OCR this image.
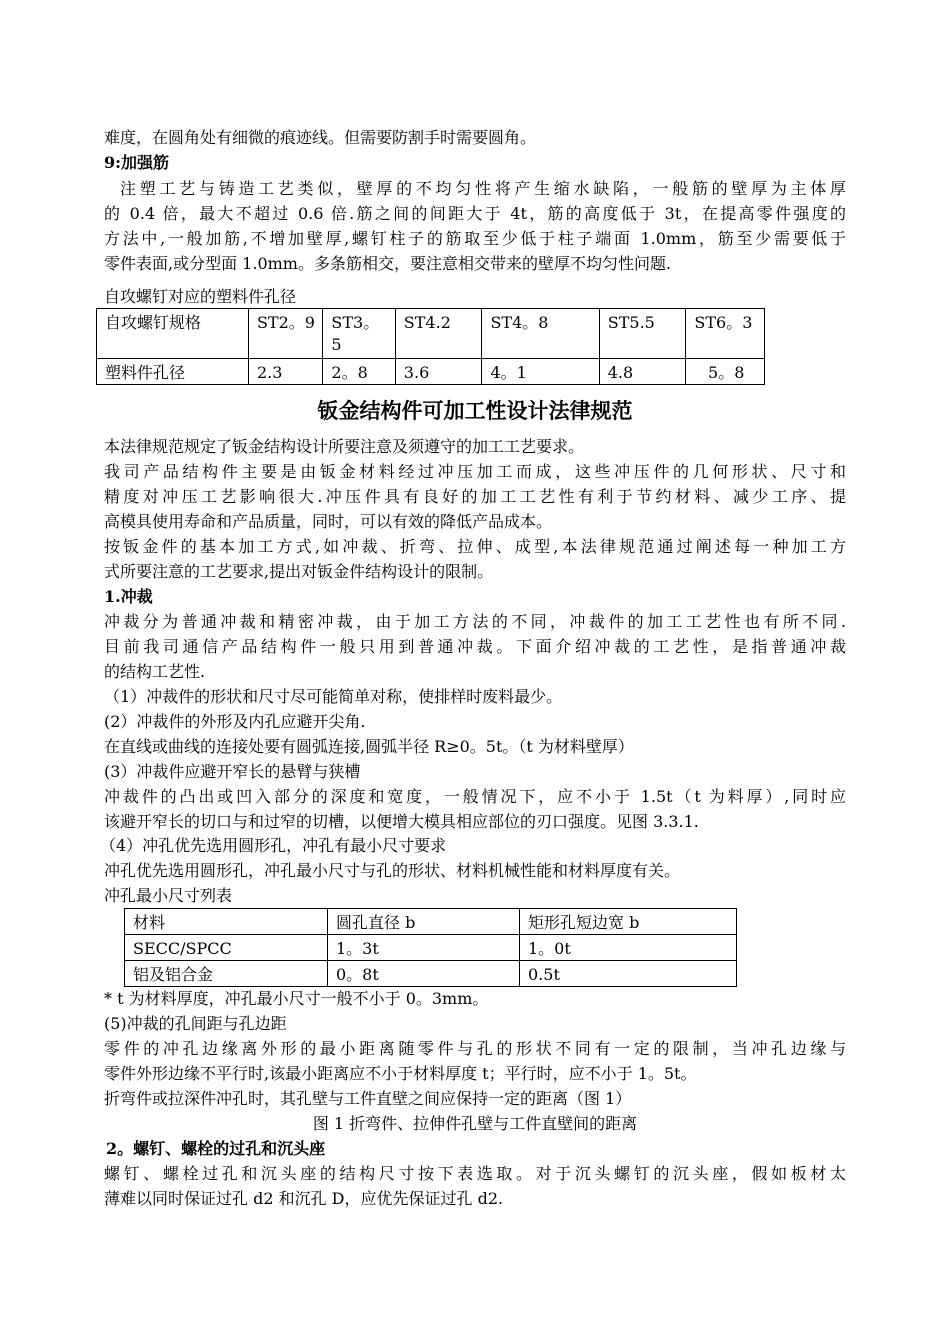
难度，在圆角处有细微的痕迹线。但需要防割手时需要圆角。
9:加强筋
注塑工艺与铸造工艺类似，壁厚的不均匀性将产生缩水缺陷，一般筋的壁厚为主体厚
的 0.4 倍，最大不超过 0.6 倍.筋之间的间距大于 4t，筋的高度低于 3t，在提高零件强度的
方法中,一般加筋,不增加壁厚,螺钉柱子的筋取至少低于柱子端面 1.0mm，筋至少需要低于
零件表面,或分型面 1.0mm。多条筋相交，要注意相交带来的壁厚不均匀性问题.
自攻螺钉对应的塑料件孔径
自攻螺钉规格	ST2。9	ST3。5	ST4.2	ST4。8	ST5.5	ST6。3
塑料件孔径	2.3	2。8	3.6	4。1	4.8	5。8
钣金结构件可加工性设计法律规范
本法律规范规定了钣金结构设计所要注意及须遵守的加工工艺要求。
我司产品结构件主要是由钣金材料经过冲压加工而成，这些冲压件的几何形状、尺寸和
精度对冲压工艺影响很大.冲压件具有良好的加工工艺性有利于节约材料、减少工序、提
高模具使用寿命和产品质量，同时，可以有效的降低产品成本。
按钣金件的基本加工方式,如冲裁、折弯、拉伸、成型,本法律规范通过阐述每一种加工方
式所要注意的工艺要求,提出对钣金件结构设计的限制。
1.冲裁
冲裁分为普通冲裁和精密冲裁，由于加工方法的不同，冲裁件的加工工艺性也有所不同.
目前我司通信产品结构件一般只用到普通冲裁。下面介绍冲裁的工艺性，是指普通冲裁
的结构工艺性.
（1）冲裁件的形状和尺寸尽可能简单对称，使排样时废料最少。
(2）冲裁件的外形及内孔应避开尖角.
在直线或曲线的连接处要有圆弧连接,圆弧半径 R≥0。5t。（t 为材料壁厚）
(3）冲裁件应避开窄长的悬臂与狭槽
冲裁件的凸出或凹入部分的深度和宽度，一般情况下，应不小于 1.5t（t 为料厚）,同时应
该避开窄长的切口与和过窄的切槽，以便增大模具相应部位的刃口强度。见图 3.3.1.
（4）冲孔优先选用圆形孔，冲孔有最小尺寸要求
冲孔优先选用圆形孔，冲孔最小尺寸与孔的形状、材料机械性能和材料厚度有关。
冲孔最小尺寸列表
材料	圆孔直径 b	矩形孔短边宽 b
SECC/SPCC	1。3t	1。0t
铝及铝合金	0。8t	0.5t
* t 为材料厚度，冲孔最小尺寸一般不小于 0。3mm。
(5)冲裁的孔间距与孔边距
零件的冲孔边缘离外形的最小距离随零件与孔的形状不同有一定的限制，当冲孔边缘与
零件外形边缘不平行时,该最小距离应不小于材料厚度 t；平行时，应不小于 1。5t。
折弯件或拉深件冲孔时，其孔壁与工件直壁之间应保持一定的距离（图 1）
图 1 折弯件、拉伸件孔壁与工件直壁间的距离
2。螺钉、螺栓的过孔和沉头座
螺钉、螺栓过孔和沉头座的结构尺寸按下表选取。对于沉头螺钉的沉头座，假如板材太
薄难以同时保证过孔 d2 和沉孔 D，应优先保证过孔 d2.
